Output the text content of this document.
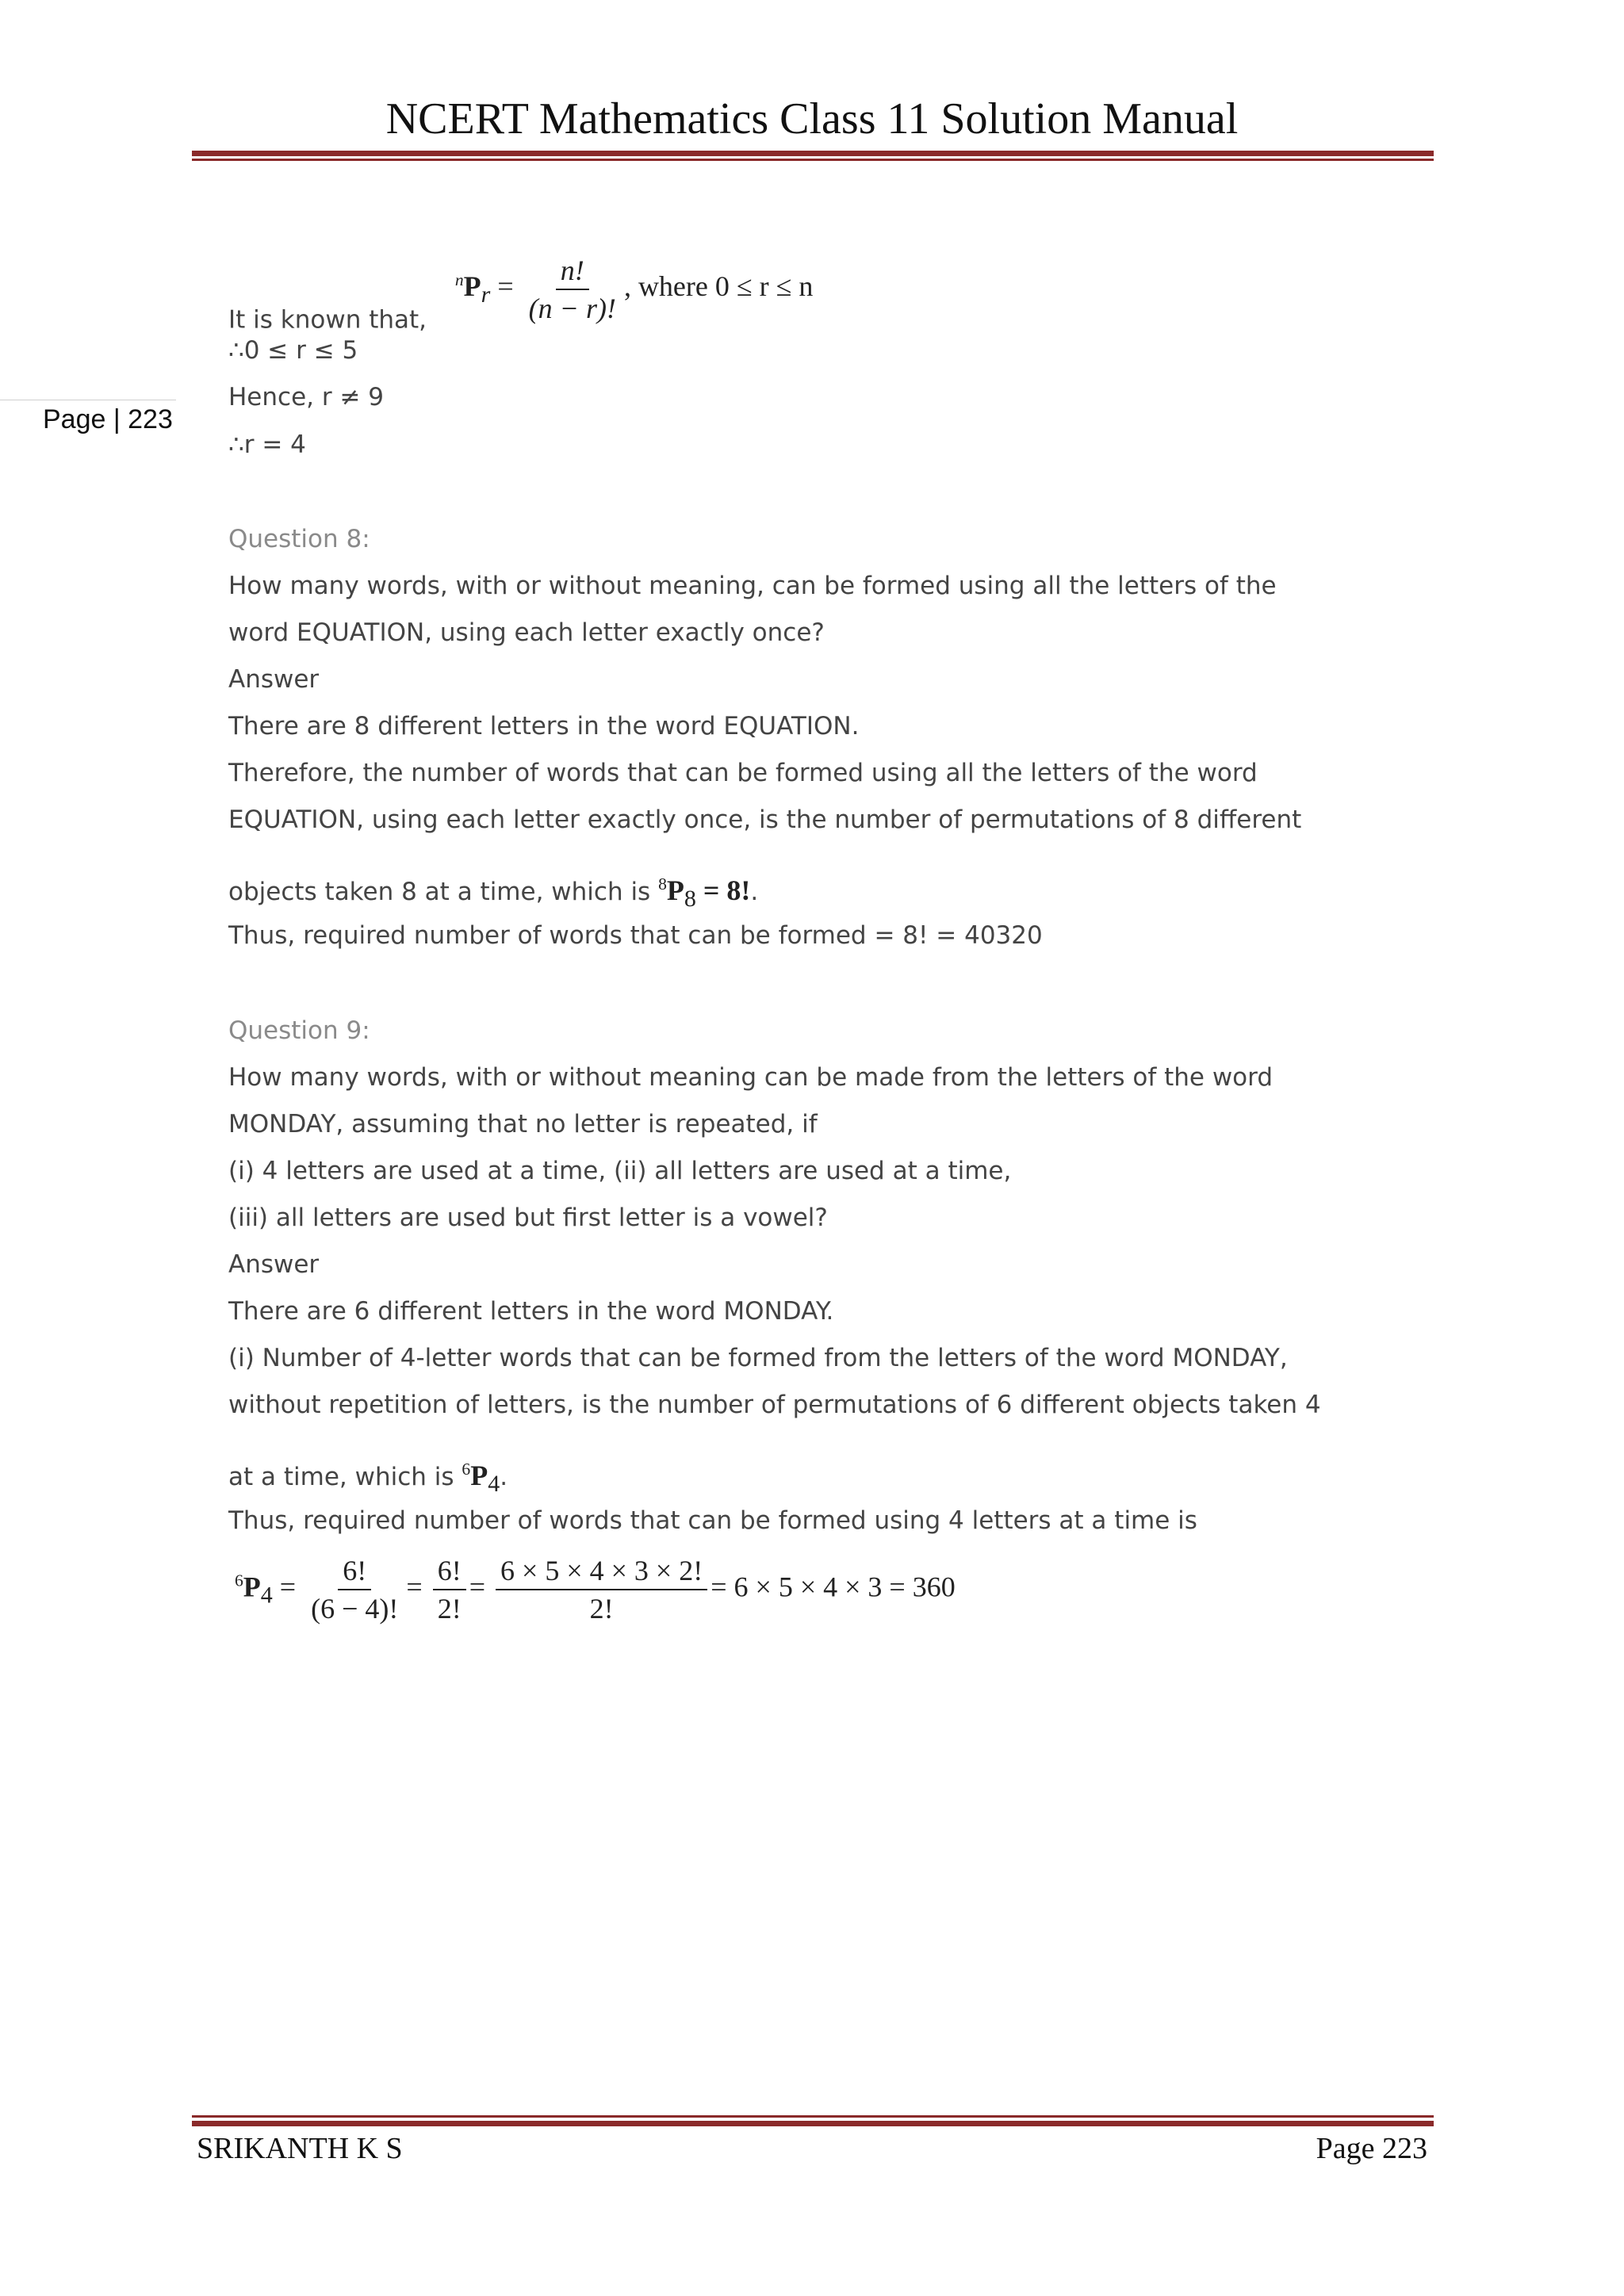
NCERT Mathematics Class 11 Solution Manual
Page | 223
It is known that, $^nP_r = \frac{n!}{(n - r)!}$ , where 0 ≤ r ≤ n
∴0 ≤ r ≤ 5
Hence, r ≠ 9
∴r = 4
Question 8:
How many words, with or without meaning, can be formed using all the letters of the
word EQUATION, using each letter exactly once?
Answer
There are 8 different letters in the word EQUATION.
Therefore, the number of words that can be formed using all the letters of the word
EQUATION, using each letter exactly once, is the number of permutations of 8 different
objects taken 8 at a time, which is $^8P_8 = 8$!.
Thus, required number of words that can be formed = 8! = 40320
Question 9:
How many words, with or without meaning can be made from the letters of the word
MONDAY, assuming that no letter is repeated, if
(i) 4 letters are used at a time, (ii) all letters are used at a time,
(iii) all letters are used but first letter is a vowel?
Answer
There are 6 different letters in the word MONDAY.
(i) Number of 4-letter words that can be formed from the letters of the word MONDAY,
without repetition of letters, is the number of permutations of 6 different objects taken 4
at a time, which is $^6P_4$.
Thus, required number of words that can be formed using 4 letters at a time is
$^6P_4 = \frac{6!}{(6 - 4)!} = \frac{6!}{2!} = \frac{6 \times 5 \times 4 \times 3 \times 2!}{2!} = 6 \times 5 \times 4 \times 3 = 360$
SRIKANTH K S	Page 223
